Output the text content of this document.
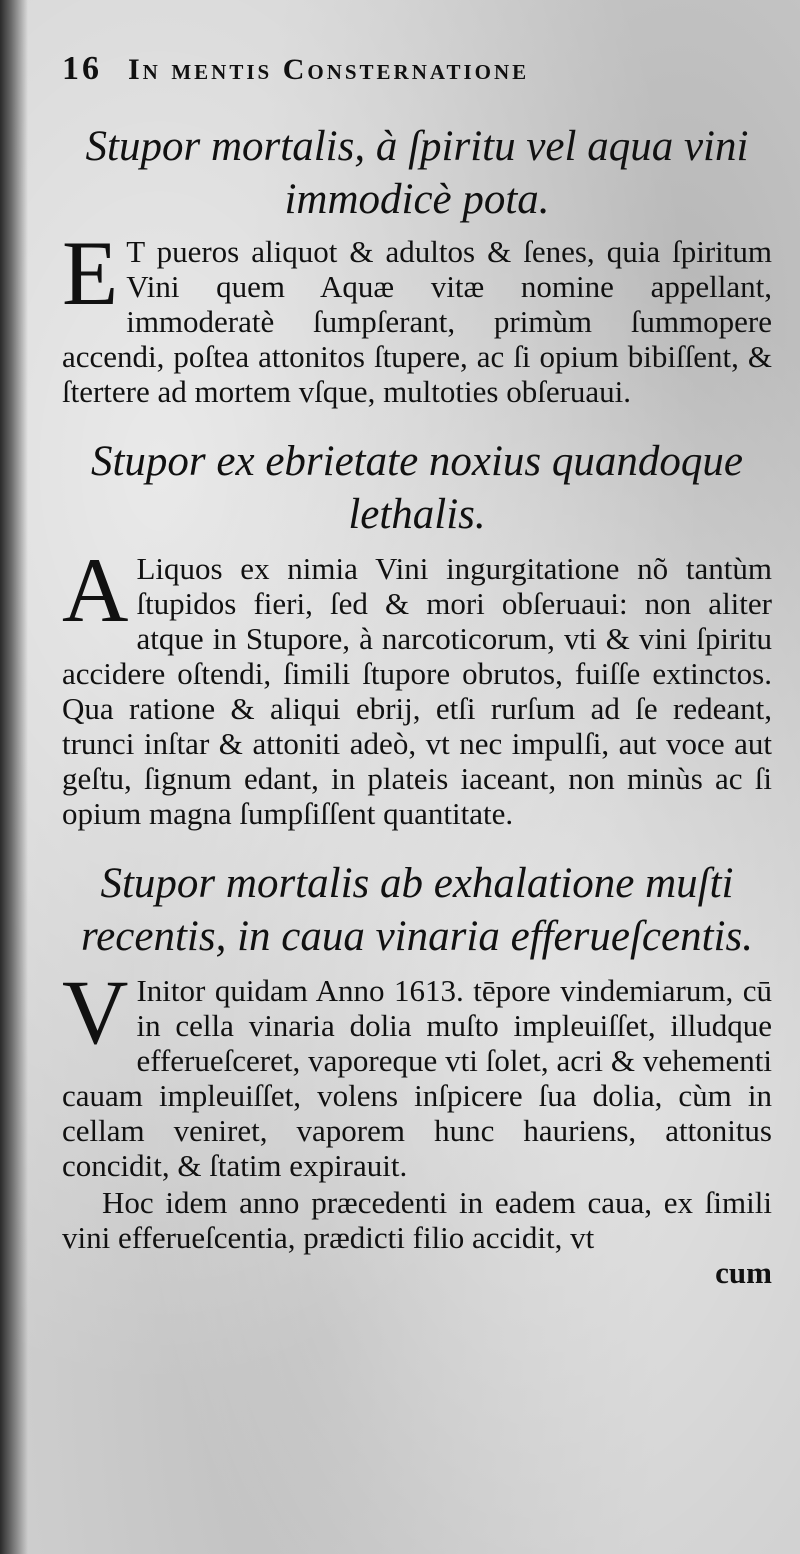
16 In mentis Consternatione

Stupor mortalis, à ſpiritu vel aqua vini immodicè pota.

E T pueros aliquot & adultos & ſenes, quia ſpiritum Vini quem Aquæ vitæ nomine appellant, immoderatè ſumpſerant, primùm ſummopere accendi, poſtea attonitos ſtupere, ac ſi opium bibiſſent, & ſtertere ad mortem vſque, multoties obſeruaui.

Stupor ex ebrietate noxius quandoque lethalis.

A Liquos ex nimia Vini ingurgitatione nõ tantùm ſtupidos fieri, ſed & mori obſeruaui: non aliter atque in Stupore, à narcoticorum, vti & vini ſpiritu accidere oſtendi, ſimili ſtupore obrutos, fuiſſe extinctos. Qua ratione & aliqui ebrij, etſi rurſum ad ſe redeant, trunci inſtar & attoniti adeò, vt nec impulſi, aut voce aut geſtu, ſignum edant, in plateis iaceant, non minùs ac ſi opium magna ſumpſiſſent quantitate.

Stupor mortalis ab exhalatione muſti recentis, in caua vinaria efferueſcentis.

V Initor quidam Anno 1613. tēpore vindemiarum, cū in cella vinaria dolia muſto impleuiſſet, illudque efferueſceret, vaporeque vti ſolet, acri & vehementi cauam impleuiſſet, volens inſpicere ſua dolia, cùm in cellam veniret, vaporem hunc hauriens, attonitus concidit, & ſtatim expirauit.

Hoc idem anno præcedenti in eadem caua, ex ſimili vini efferueſcentia, prædicti filio accidit, vt

cum
